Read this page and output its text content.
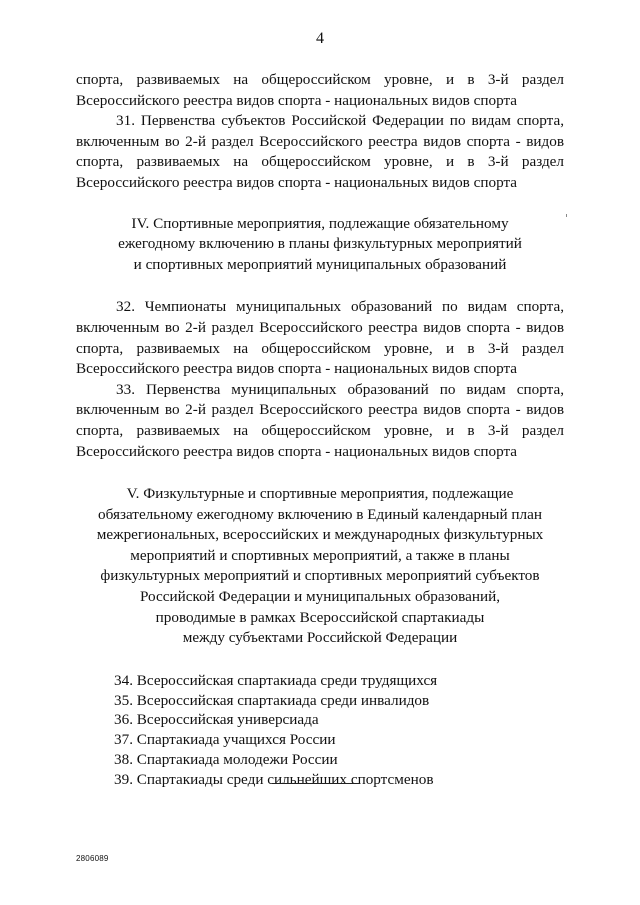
4

спорта, развиваемых на общероссийском уровне, и в 3-й раздел Всероссийского реестра видов спорта - национальных видов спорта

31. Первенства субъектов Российской Федерации по видам спорта, включенным во 2-й раздел Всероссийского реестра видов спорта - видов спорта, развиваемых на общероссийском уровне, и в 3-й раздел Всероссийского реестра видов спорта - национальных видов спорта

IV. Спортивные мероприятия, подлежащие обязательному
ежегодному включению в планы физкультурных мероприятий
и спортивных мероприятий муниципальных образований

32. Чемпионаты муниципальных образований по видам спорта, включенным во 2-й раздел Всероссийского реестра видов спорта - видов спорта, развиваемых на общероссийском уровне, и в 3-й раздел Всероссийского реестра видов спорта - национальных видов спорта

33. Первенства муниципальных образований по видам спорта, включенным во 2-й раздел Всероссийского реестра видов спорта - видов спорта, развиваемых на общероссийском уровне, и в 3-й раздел Всероссийского реестра видов спорта - национальных видов спорта

V. Физкультурные и спортивные мероприятия, подлежащие
обязательному ежегодному включению в Единый календарный план
межрегиональных, всероссийских и международных физкультурных
мероприятий и спортивных мероприятий, а также в планы
физкультурных мероприятий и спортивных мероприятий субъектов
Российской Федерации и муниципальных образований,
проводимые в рамках Всероссийской спартакиады
между субъектами Российской Федерации
34. Всероссийская спартакиада среди трудящихся
35. Всероссийская спартакиада среди инвалидов
36. Всероссийская универсиада
37. Спартакиада учащихся России
38. Спартакиада молодежи России
39. Спартакиады среди сильнейших спортсменов
2806089
